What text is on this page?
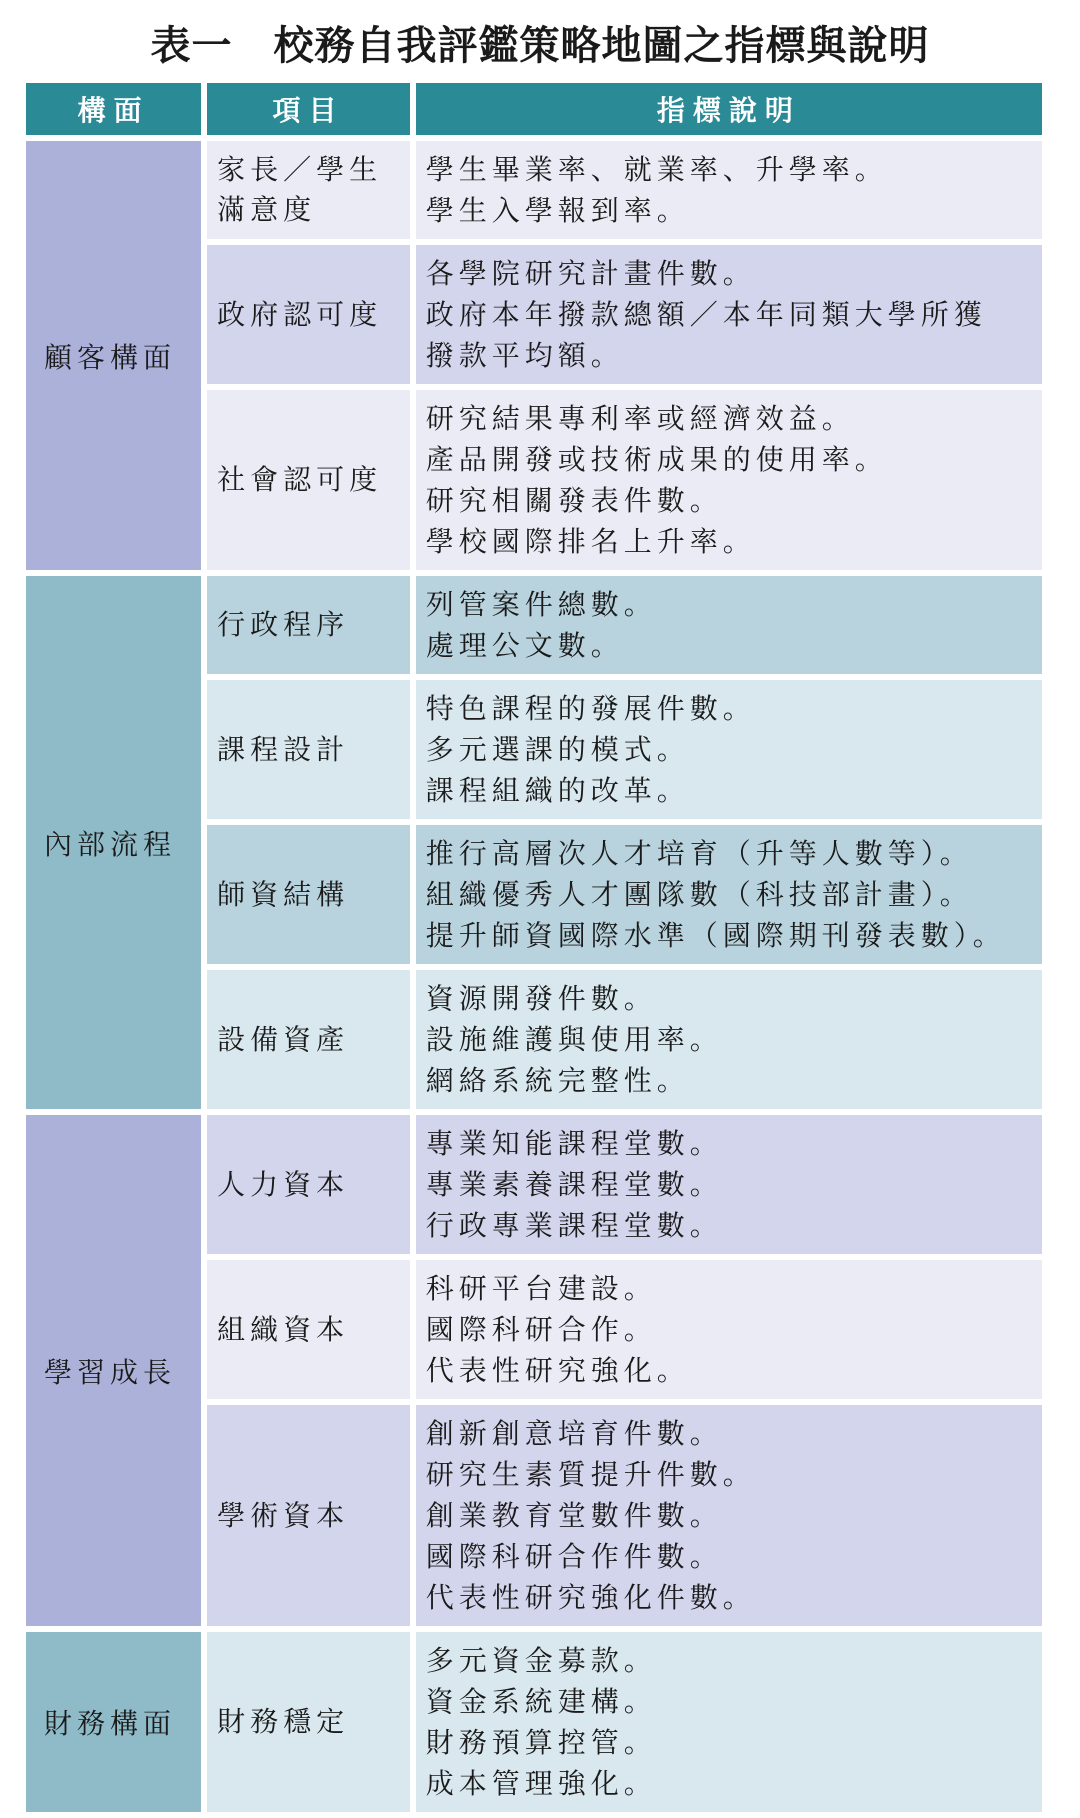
表一　校務自我評鑑策略地圖之指標與說明
構面	項目	指標說明
顧客構面	家長／學生滿意度	學生畢業率、就業率、升學率。
學生入學報到率。

	政府認可度	各學院研究計畫件數。
政府本年撥款總額／本年同類大學所獲
撥款平均額。

	社會認可度	研究結果專利率或經濟效益。
產品開發或技術成果的使用率。
研究相關發表件數。
學校國際排名上升率。

內部流程	行政程序	列管案件總數。
處理公文數。

	課程設計	特色課程的發展件數。
多元選課的模式。
課程組織的改革。

	師資結構	推行高層次人才培育（升等人數等）。
組織優秀人才團隊數（科技部計畫）。
提升師資國際水準（國際期刊發表數）。

	設備資產	資源開發件數。
設施維護與使用率。
網絡系統完整性。

學習成長	人力資本	專業知能課程堂數。
專業素養課程堂數。
行政專業課程堂數。

	組織資本	科研平台建設。
國際科研合作。
代表性研究強化。

	學術資本	創新創意培育件數。
研究生素質提升件數。
創業教育堂數件數。
國際科研合作件數。
代表性研究強化件數。

財務構面	財務穩定	多元資金募款。
資金系統建構。
財務預算控管。
成本管理強化。
